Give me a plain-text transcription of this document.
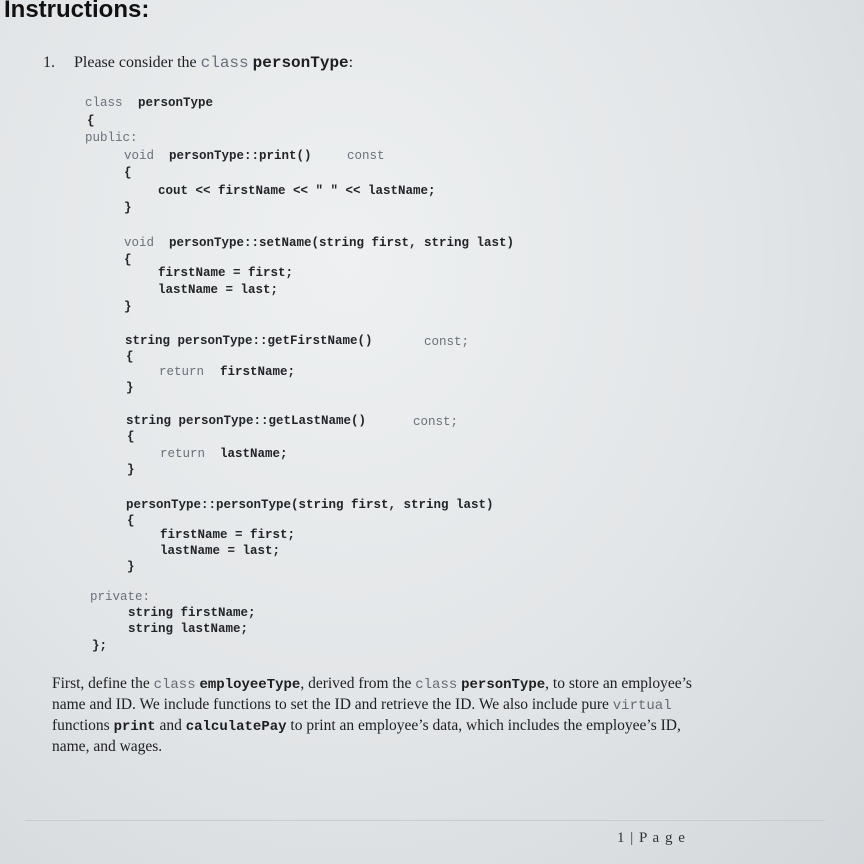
Instructions:
1. Please consider the class personType:
class personType
{
public:
void personType::print()	const
{
cout << firstName << " " << lastName;
}
void personType::setName(string first, string last)
{
firstName = first;
lastName = last;
}
string personType::getFirstName()	const;
{
return firstName;
}
string personType::getLastName()	const;
{
return lastName;
}
personType::personType(string first, string last)
{
firstName = first;
lastName = last;
}
private:
string firstName;
string lastName;
};
First, define the class employeeType, derived from the class personType, to store an employee’s name and ID. We include functions to set the ID and retrieve the ID. We also include pure virtual functions print and calculatePay to print an employee’s data, which includes the employee’s ID, name, and wages.
1 | P a g e
